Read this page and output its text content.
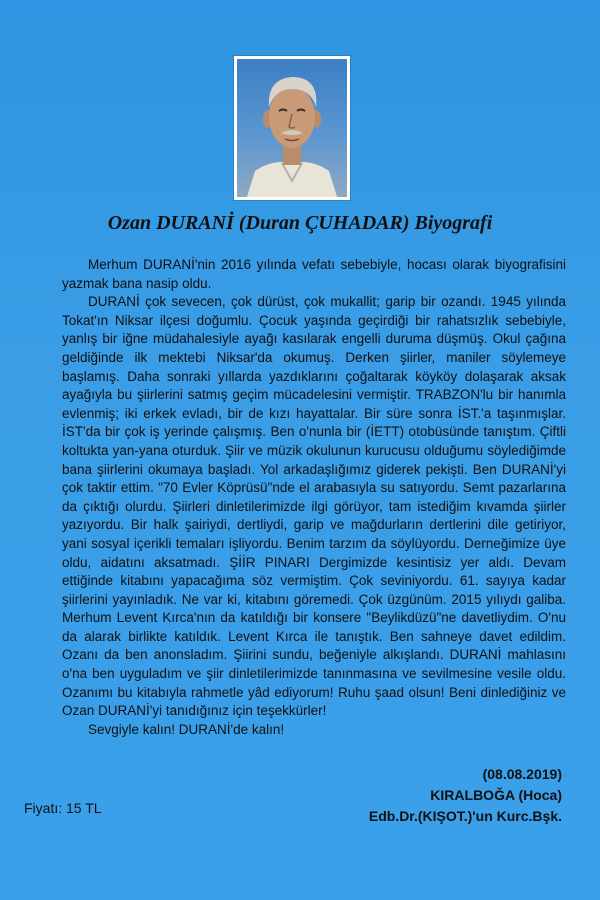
Ozan DURANİ (Duran ÇUHADAR) Biyografi

Merhum DURANİ'nin 2016 yılında vefatı sebebiyle, hocası olarak biyografisini yazmak bana nasip oldu.

DURANİ çok sevecen, çok dürüst, çok mukallit; garip bir ozandı. 1945 yılında Tokat'ın Niksar ilçesi doğumlu. Çocuk yaşında geçirdiği bir rahatsızlık sebebiyle, yanlış bir iğne müdahalesiyle ayağı kasılarak engelli duruma düşmüş. Okul çağına geldiğinde ilk mektebi Niksar'da okumuş. Derken şiirler, maniler söylemeye başlamış. Daha sonraki yıllarda yazdıklarını çoğaltarak köyköy dolaşarak aksak ayağıyla bu şiirlerini satmış geçim mücadelesini vermiştir. TRABZON'lu bir hanımla evlenmiş; iki erkek evladı, bir de kızı hayattalar. Bir süre sonra İST.'a taşınmışlar. İST'da bir çok iş yerinde çalışmış. Ben o'nunla bir (İETT) otobüsünde tanıştım. Çiftli koltukta yan-yana oturduk. Şiir ve müzik okulunun kurucusu olduğumu söylediğimde bana şiirlerini okumaya başladı. Yol arkadaşlığımız giderek pekişti. Ben DURANİ'yi çok taktir ettim. "70 Evler Köprüsü"nde el arabasıyla su satıyordu. Semt pazarlarına da çıktığı olurdu. Şiirleri dinletilerimizde ilgi görüyor, tam istediğim kıvamda şiirler yazıyordu. Bir halk şairiydi, dertliydi, garip ve mağdurların dertlerini dile getiriyor, yani sosyal içerikli temaları işliyordu. Benim tarzım da söylüyordu. Derneğimize üye oldu, aidatını aksatmadı. ŞİİR PINARI Dergimizde kesintisiz yer aldı. Devam ettiğinde kitabını yapacağıma söz vermiştim. Çok seviniyordu. 61. sayıya kadar şiirlerini yayınladık. Ne var ki, kitabını göremedi. Çok üzgünüm. 2015 yılıydı galiba. Merhum Levent Kırca'nın da katıldığı bir konsere "Beylikdüzü"ne davetliydim. O'nu da alarak birlikte katıldık. Levent Kırca ile tanıştık. Ben sahneye davet edildim. Ozanı da ben anonsladım. Şiirini sundu, beğeniyle alkışlandı. DURANİ mahlasını o'na ben uyguladım ve şiir dinletilerimizde tanınmasına ve sevilmesine vesile oldu. Ozanımı bu kitabıyla rahmetle yâd ediyorum! Ruhu şaad olsun! Beni dinlediğiniz ve Ozan DURANİ'yi tanıdığınız için teşekkürler!

Sevgiyle kalın! DURANİ'de kalın!

(08.08.2019)
KIRALBOĞA (Hoca)
Edb.Dr.(KIŞOT.)'un Kurc.Bşk.
Fiyatı: 15 TL
